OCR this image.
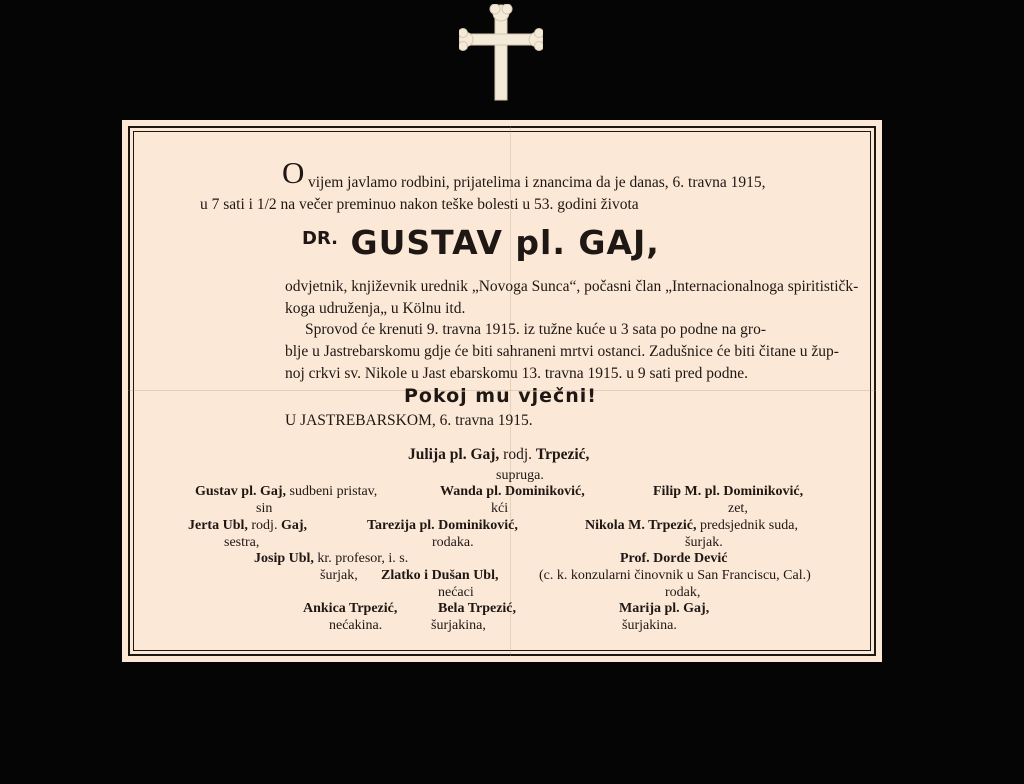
O vijem javlamo rodbini, prijatelima i znancima da je danas, 6. travna 1915,
u 7 sati i 1/2 na večer preminuo nakon teške bolesti u 53. godini života
$^{DR.}$ GUSTAV pl. GAJ,
odvjetnik, književnik urednik „Novoga Sunca“, počasni član „Internacionalnoga spiritističk-
koga udruženja„ u Kölnu itd.
Sprovod će krenuti 9. travna 1915. iz tužne kuće u 3 sata po podne na gro-
blje u Jastrebarskomu gdje će biti sahraneni mrtvi ostanci. Zadušnice će biti čitane u žup-
noj crkvi sv. Nikole u Jast ebarskomu 13. travna 1915. u 9 sati pred podne.
Pokoj mu vječni!
U JASTREBARSKOM, 6. travna 1915.
Julija pl. Gaj, rodj. Trpezić,
supruga.
Gustav pl. Gaj, sudbeni pristav,
sin
Wanda pl. Dominiković,
kći
Filip M. pl. Dominiković,
zet,
Jerta Ubl, rodj. Gaj,
sestra,
Tarezija pl. Dominiković,
rodaka.
Nikola M. Trpezić, predsjednik suda,
šurjak.
Josip Ubl, kr. profesor, i. s.
šurjak,
Prof. Dorde Dević
(c. k. konzularni činovnik u San Franciscu, Cal.)
rodak,
Zlatko i Dušan Ubl,
nećaci
Ankica Trpezić,
nećakina.
Bela Trpezić,
šurjakina,
Marija pl. Gaj,
šurjakina.
